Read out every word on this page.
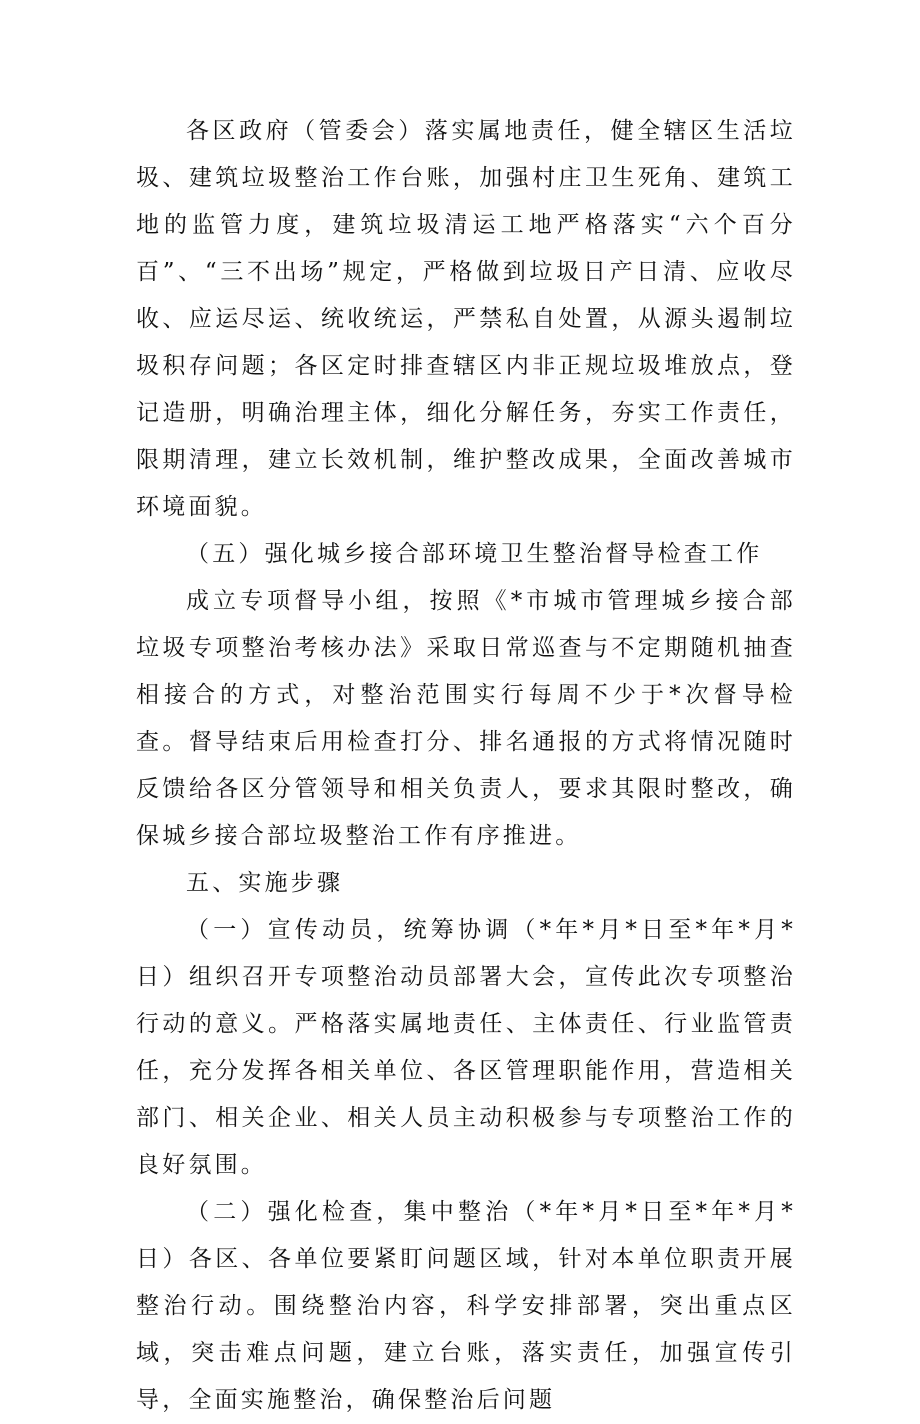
各区政府（管委会）落实属地责任，健全辖区生活垃圾、建筑垃圾整治工作台账，加强村庄卫生死角、建筑工地的监管力度，建筑垃圾清运工地严格落实“六个百分百”、“三不出场”规定，严格做到垃圾日产日清、应收尽收、应运尽运、统收统运，严禁私自处置，从源头遏制垃圾积存问题；各区定时排查辖区内非正规垃圾堆放点，登记造册，明确治理主体，细化分解任务，夯实工作责任，限期清理，建立长效机制，维护整改成果，全面改善城市环境面貌。

（五）强化城乡接合部环境卫生整治督导检查工作

成立专项督导小组，按照《*市城市管理城乡接合部垃圾专项整治考核办法》采取日常巡查与不定期随机抽查相接合的方式，对整治范围实行每周不少于*次督导检查。督导结束后用检查打分、排名通报的方式将情况随时反馈给各区分管领导和相关负责人，要求其限时整改，确保城乡接合部垃圾整治工作有序推进。

五、实施步骤

（一）宣传动员，统筹协调（*年*月*日至*年*月*日）组织召开专项整治动员部署大会，宣传此次专项整治行动的意义。严格落实属地责任、主体责任、行业监管责任，充分发挥各相关单位、各区管理职能作用，营造相关部门、相关企业、相关人员主动积极参与专项整治工作的良好氛围。

（二）强化检查，集中整治（*年*月*日至*年*月*日）各区、各单位要紧盯问题区域，针对本单位职责开展整治行动。围绕整治内容，科学安排部署，突出重点区域，突击难点问题，建立台账，落实责任，加强宣传引导，全面实施整治，确保整治后问题
